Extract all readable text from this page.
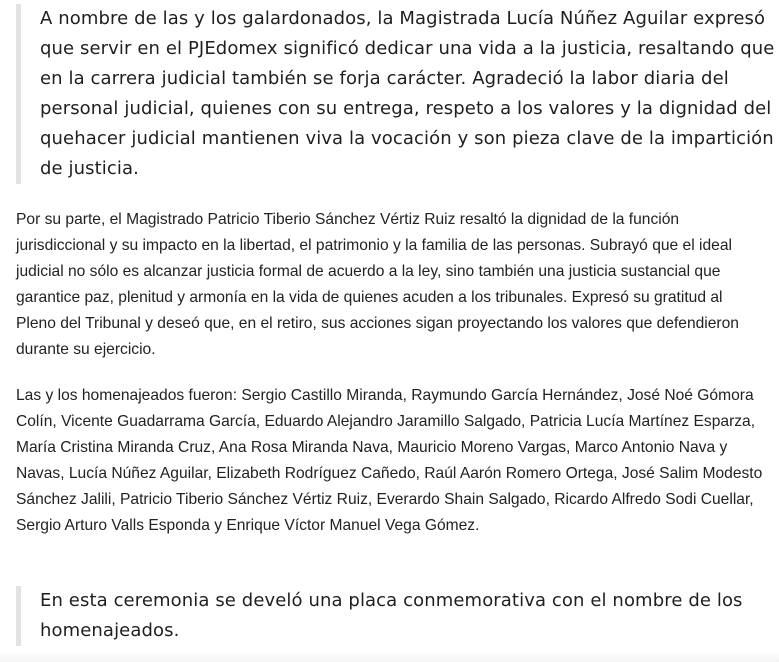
A nombre de las y los galardonados, la Magistrada Lucía Núñez Aguilar expresó que servir en el PJEdomex significó dedicar una vida a la justicia, resaltando que en la carrera judicial también se forja carácter. Agradeció la labor diaria del personal judicial, quienes con su entrega, respeto a los valores y la dignidad del quehacer judicial mantienen viva la vocación y son pieza clave de la impartición de justicia.

Por su parte, el Magistrado Patricio Tiberio Sánchez Vértiz Ruiz resaltó la dignidad de la función jurisdiccional y su impacto en la libertad, el patrimonio y la familia de las personas. Subrayó que el ideal judicial no sólo es alcanzar justicia formal de acuerdo a la ley, sino también una justicia sustancial que garantice paz, plenitud y armonía en la vida de quienes acuden a los tribunales. Expresó su gratitud al Pleno del Tribunal y deseó que, en el retiro, sus acciones sigan proyectando los valores que defendieron durante su ejercicio.

Las y los homenajeados fueron: Sergio Castillo Miranda, Raymundo García Hernández, José Noé Gómora Colín, Vicente Guadarrama García, Eduardo Alejandro Jaramillo Salgado, Patricia Lucía Martínez Esparza, María Cristina Miranda Cruz, Ana Rosa Miranda Nava, Mauricio Moreno Vargas, Marco Antonio Nava y Navas, Lucía Núñez Aguilar, Elizabeth Rodríguez Cañedo, Raúl Aarón Romero Ortega, José Salim Modesto Sánchez Jalili, Patricio Tiberio Sánchez Vértiz Ruiz, Everardo Shain Salgado, Ricardo Alfredo Sodi Cuellar, Sergio Arturo Valls Esponda y Enrique Víctor Manuel Vega Gómez.

En esta ceremonia se develó una placa conmemorativa con el nombre de los homenajeados.
